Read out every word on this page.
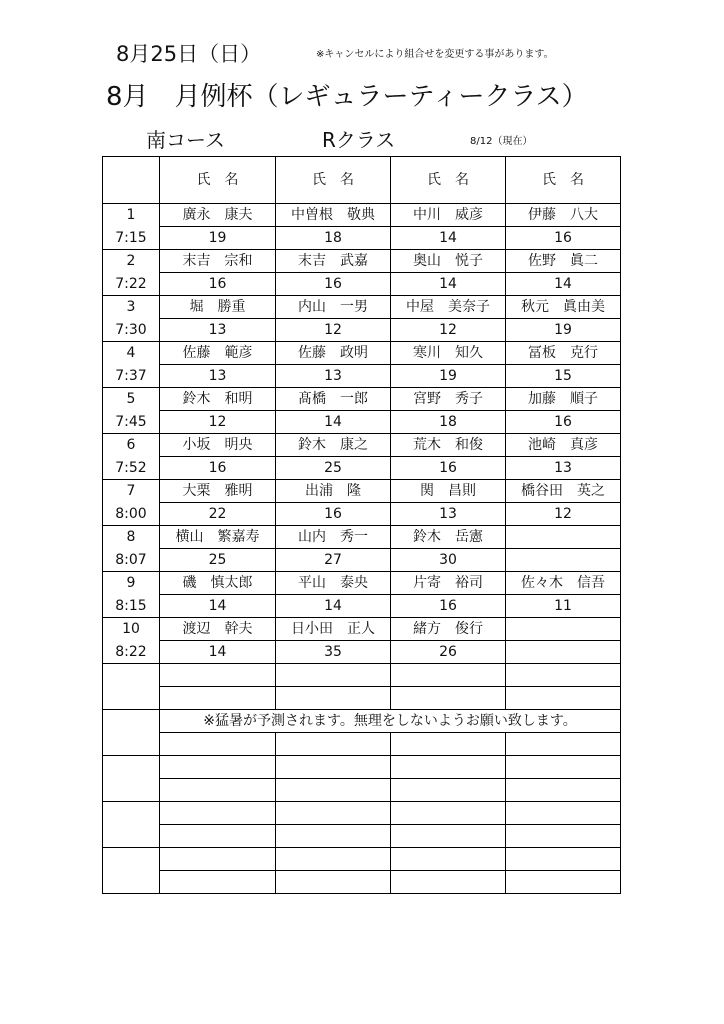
8月25日（日）	※キャンセルにより組合せを変更する事があります。
8月　月例杯（レギュラーティークラス）
南コース	Rクラス	8/12（現在）
	氏　名	氏　名	氏　名	氏　名
1	廣永　康夫	中曽根　敬典	中川　威彦	伊藤　八大
7:15	19	18	14	16
2	末吉　宗和	末吉　武嘉	奥山　悦子	佐野　眞二
7:22	16	16	14	14
3	堀　勝重	内山　一男	中屋　美奈子	秋元　眞由美
7:30	13	12	12	19
4	佐藤　範彦	佐藤　政明	寒川　知久	冨板　克行
7:37	13	13	19	15
5	鈴木　和明	髙橋　一郎	宮野　秀子	加藤　順子
7:45	12	14	18	16
6	小坂　明央	鈴木　康之	荒木　和俊	池崎　真彦
7:52	16	25	16	13
7	大栗　雅明	出浦　隆	関　昌則	橋谷田　英之
8:00	22	16	13	12
8	横山　繁嘉寿	山内　秀一	鈴木　岳憲	
8:07	25	27	30	
9	磯　慎太郎	平山　泰央	片寄　裕司	佐々木　信吾
8:15	14	14	16	11
10	渡辺　幹夫	日小田　正人	緒方　俊行	
8:22	14	35	26	

	※猛暑が予測されます。無理をしないようお願い致します。			
